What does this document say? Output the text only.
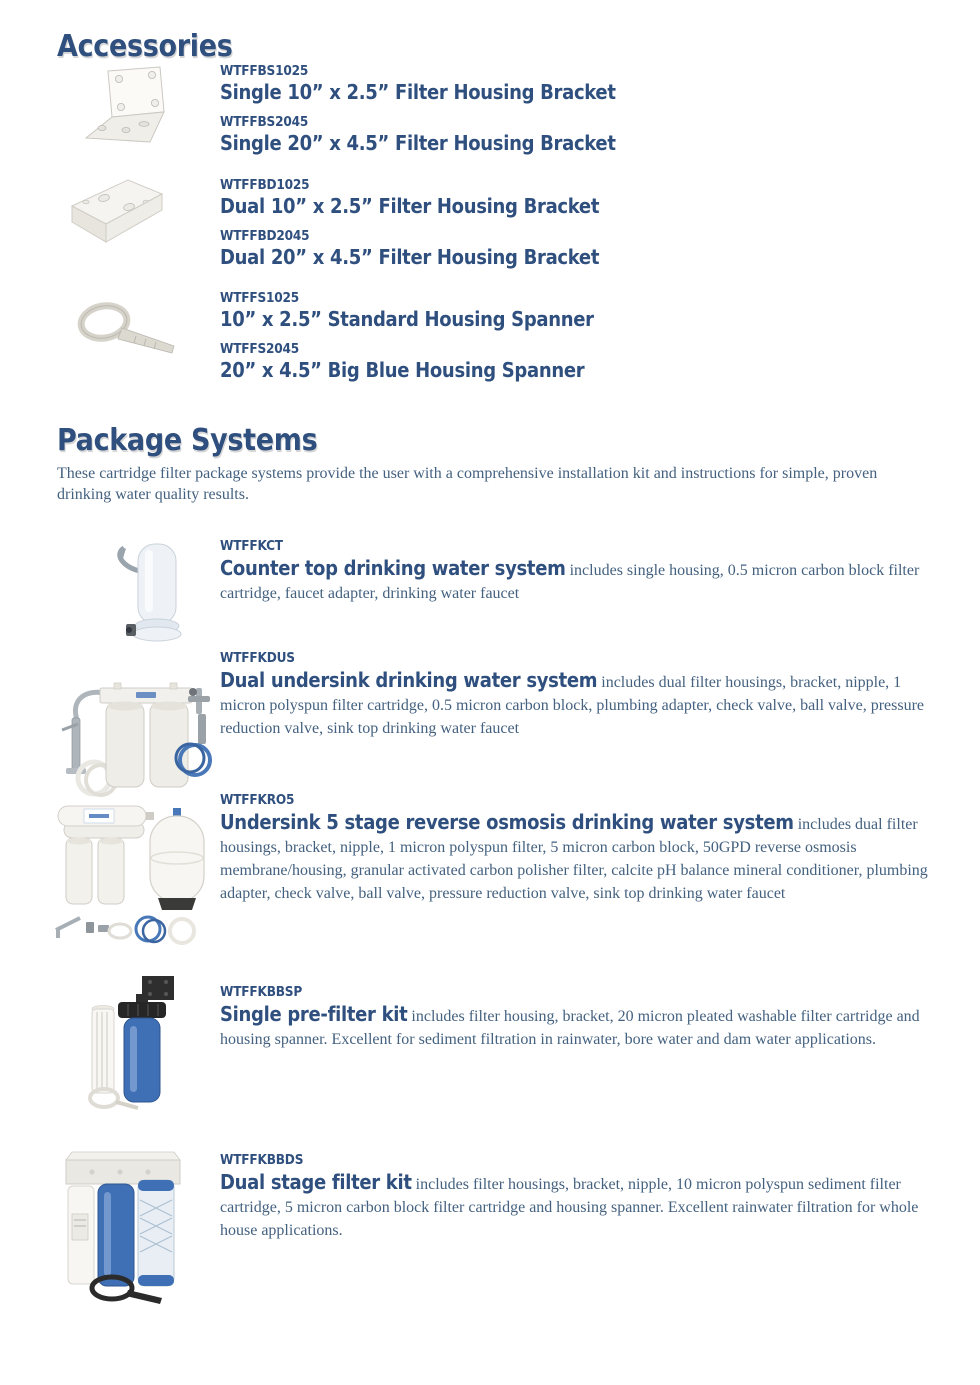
Accessories
WTFFBS1025
Single 10” x 2.5” Filter Housing Bracket
WTFFBS2045
Single 20” x 4.5” Filter Housing Bracket
WTFFBD1025
Dual 10” x 2.5” Filter Housing Bracket
WTFFBD2045
Dual 20” x 4.5” Filter Housing Bracket
WTFFS1025
10” x 2.5” Standard Housing Spanner
WTFFS2045
20” x 4.5” Big Blue Housing Spanner
Package Systems

These cartridge filter package systems provide the user with a comprehensive installation kit and instructions for simple, proven drinking water quality results.

WTFFKCT

Counter top drinking water system includes single housing, 0.5 micron carbon block filter cartridge, faucet adapter, drinking water faucet

WTFFKDUS

Dual undersink drinking water system includes dual filter housings, bracket, nipple, 1 micron polyspun filter cartridge, 0.5 micron carbon block, plumbing adapter, check valve, ball valve, pressure reduction valve, sink top drinking water faucet

WTFFKRO5

Undersink 5 stage reverse osmosis drinking water system includes dual filter housings, bracket, nipple, 1 micron polyspun filter, 5 micron carbon block, 50GPD reverse osmosis membrane/housing, granular activated carbon polisher filter, calcite pH balance mineral conditioner, plumbing adapter, check valve, ball valve, pressure reduction valve, sink top drinking water faucet

WTFFKBBSP

Single pre-filter kit includes filter housing, bracket, 20 micron pleated washable filter cartridge and housing spanner. Excellent for sediment filtration in rainwater, bore water and dam water applications.

WTFFKBBDS

Dual stage filter kit includes filter housings, bracket, nipple, 10 micron polyspun sediment filter cartridge, 5 micron carbon block filter cartridge and housing spanner. Excellent rainwater filtration for whole house applications.
